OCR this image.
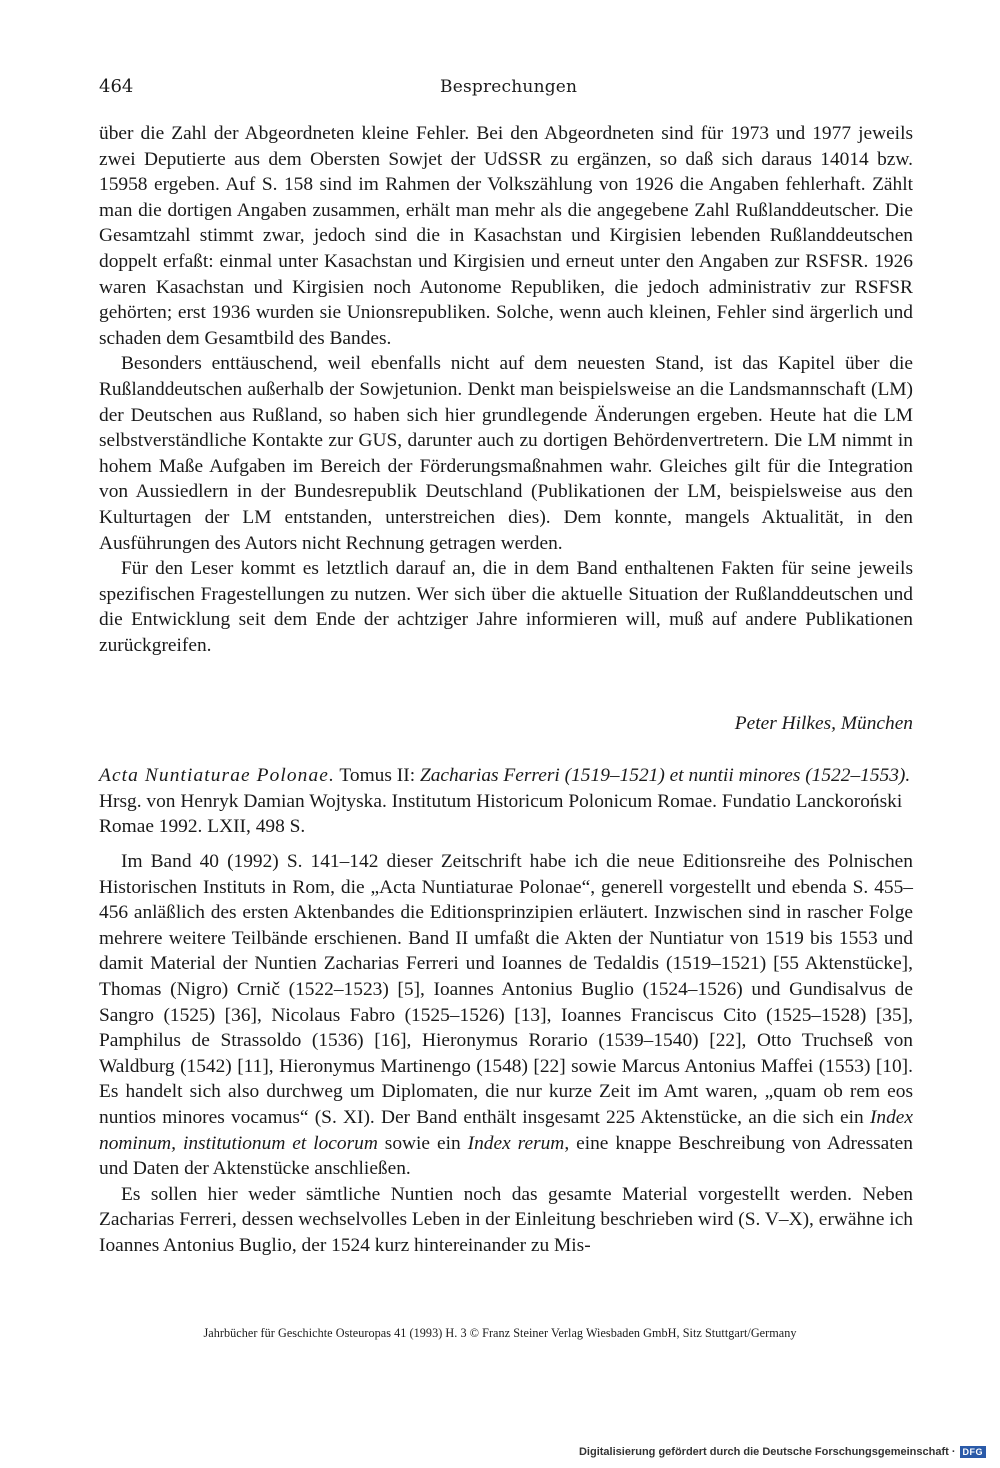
464	Besprechungen

über die Zahl der Abgeordneten kleine Fehler. Bei den Abgeordneten sind für 1973 und 1977 jeweils zwei Deputierte aus dem Obersten Sowjet der UdSSR zu ergänzen, so daß sich daraus 14014 bzw. 15958 ergeben. Auf S. 158 sind im Rahmen der Volkszählung von 1926 die Angaben fehlerhaft. Zählt man die dortigen Angaben zusammen, erhält man mehr als die angegebene Zahl Rußlanddeutscher. Die Gesamtzahl stimmt zwar, jedoch sind die in Kasachstan und Kirgisien lebenden Rußlanddeutschen doppelt erfaßt: einmal unter Kasachstan und Kirgisien und erneut unter den Angaben zur RSFSR. 1926 waren Kasachstan und Kirgisien noch Autonome Republiken, die jedoch administrativ zur RSFSR gehörten; erst 1936 wurden sie Unionsrepubliken. Solche, wenn auch kleinen, Fehler sind ärgerlich und schaden dem Gesamtbild des Bandes.

Besonders enttäuschend, weil ebenfalls nicht auf dem neuesten Stand, ist das Kapitel über die Rußlanddeutschen außerhalb der Sowjetunion. Denkt man beispielsweise an die Landsmannschaft (LM) der Deutschen aus Rußland, so haben sich hier grundlegende Änderungen ergeben. Heute hat die LM selbstverständliche Kontakte zur GUS, darunter auch zu dortigen Behördenvertretern. Die LM nimmt in hohem Maße Aufgaben im Bereich der Förderungsmaßnahmen wahr. Gleiches gilt für die Integration von Aussiedlern in der Bundesrepublik Deutschland (Publikationen der LM, beispielsweise aus den Kulturtagen der LM entstanden, unterstreichen dies). Dem konnte, mangels Aktualität, in den Ausführungen des Autors nicht Rechnung getragen werden.

Für den Leser kommt es letztlich darauf an, die in dem Band enthaltenen Fakten für seine jeweils spezifischen Fragestellungen zu nutzen. Wer sich über die aktuelle Situation der Rußlanddeutschen und die Entwicklung seit dem Ende der achtziger Jahre informieren will, muß auf andere Publikationen zurückgreifen.

Peter Hilkes, München
Acta Nuntiaturae Polonae. Tomus II: Zacharias Ferreri (1519–1521) et nuntii minores (1522–1553). Hrsg. von Henryk Damian Wojtyska. Institutum Historicum Polonicum Romae. Fundatio Lanckoroński Romae 1992. LXII, 498 S.

Im Band 40 (1992) S. 141–142 dieser Zeitschrift habe ich die neue Editionsreihe des Polnischen Historischen Instituts in Rom, die „Acta Nuntiaturae Polonae“, generell vorgestellt und ebenda S. 455–456 anläßlich des ersten Aktenbandes die Editionsprinzipien erläutert. Inzwischen sind in rascher Folge mehrere weitere Teilbände erschienen. Band II umfaßt die Akten der Nuntiatur von 1519 bis 1553 und damit Material der Nuntien Zacharias Ferreri und Ioannes de Tedaldis (1519–1521) [55 Aktenstücke], Thomas (Nigro) Crnič (1522–1523) [5], Ioannes Antonius Buglio (1524–1526) und Gundisalvus de Sangro (1525) [36], Nicolaus Fabro (1525–1526) [13], Ioannes Franciscus Cito (1525–1528) [35], Pamphilus de Strassoldo (1536) [16], Hieronymus Rorario (1539–1540) [22], Otto Truchseß von Waldburg (1542) [11], Hieronymus Martinengo (1548) [22] sowie Marcus Antonius Maffei (1553) [10]. Es handelt sich also durchweg um Diplomaten, die nur kurze Zeit im Amt waren, „quam ob rem eos nuntios minores vocamus“ (S. XI). Der Band enthält insgesamt 225 Aktenstücke, an die sich ein Index nominum, institutionum et locorum sowie ein Index rerum, eine knappe Beschreibung von Adressaten und Daten der Aktenstücke anschließen.

Es sollen hier weder sämtliche Nuntien noch das gesamte Material vorgestellt werden. Neben Zacharias Ferreri, dessen wechselvolles Leben in der Einleitung beschrieben wird (S. V–X), erwähne ich Ioannes Antonius Buglio, der 1524 kurz hintereinander zu Mis-

Jahrbücher für Geschichte Osteuropas 41 (1993) H. 3 © Franz Steiner Verlag Wiesbaden GmbH, Sitz Stuttgart/Germany
Digitalisierung gefördert durch die Deutsche Forschungsgemeinschaft · DFG
